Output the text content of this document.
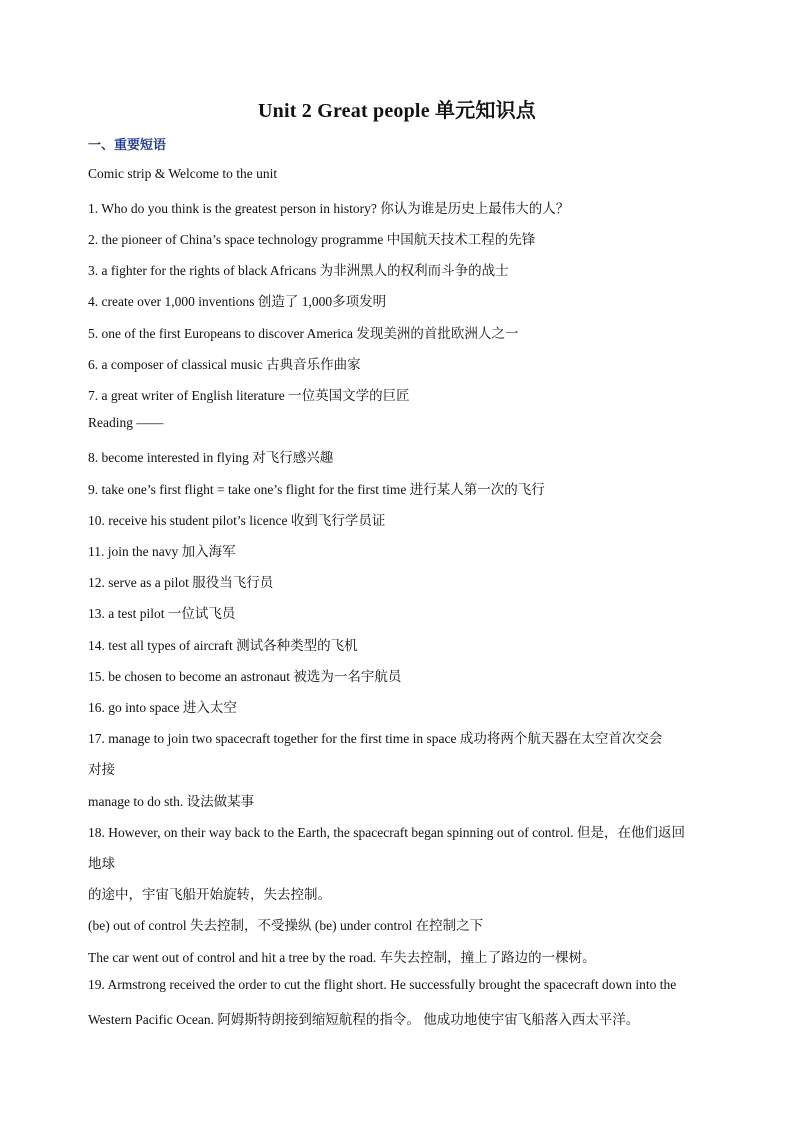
Unit 2 Great people 单元知识点
一、重要短语
Comic strip & Welcome to the unit
1. Who do you think is the greatest person in history? 你认为谁是历史上最伟大的人？
2. the pioneer of China’s space technology programme 中国航天技术工程的先锋
3. a fighter for the rights of black Africans 为非洲黑人的权利而斗争的战士
4. create over 1,000 inventions 创造了 1,000多项发明
5. one of the first Europeans to discover America 发现美洲的首批欧洲人之一
6. a composer of classical music 古典音乐作曲家
7. a great writer of English literature 一位英国文学的巨匠
Reading ——
8. become interested in flying 对飞行感兴趣
9. take one’s first flight = take one’s flight for the first time 进行某人第一次的飞行
10. receive his student pilot’s licence 收到飞行学员证
11. join the navy 加入海军
12. serve as a pilot 服役当飞行员
13. a test pilot 一位试飞员
14. test all types of aircraft 测试各种类型的飞机
15. be chosen to become an astronaut 被选为一名宇航员
16. go into space 进入太空
17. manage to join two spacecraft together for the first time in space 成功将两个航天器在太空首次交会
对接
manage to do sth. 设法做某事
18. However, on their way back to the Earth, the spacecraft began spinning out of control. 但是，在他们返回
地球
的途中，宇宙飞船开始旋转，失去控制。
(be) out of control 失去控制，不受操纵 (be) under control 在控制之下
The car went out of control and hit a tree by the road. 车失去控制，撞上了路边的一棵树。
19. Armstrong received the order to cut the flight short. He successfully brought the spacecraft down into the
Western Pacific Ocean. 阿姆斯特朗接到缩短航程的指令。 他成功地使宇宙飞船落入西太平洋。
